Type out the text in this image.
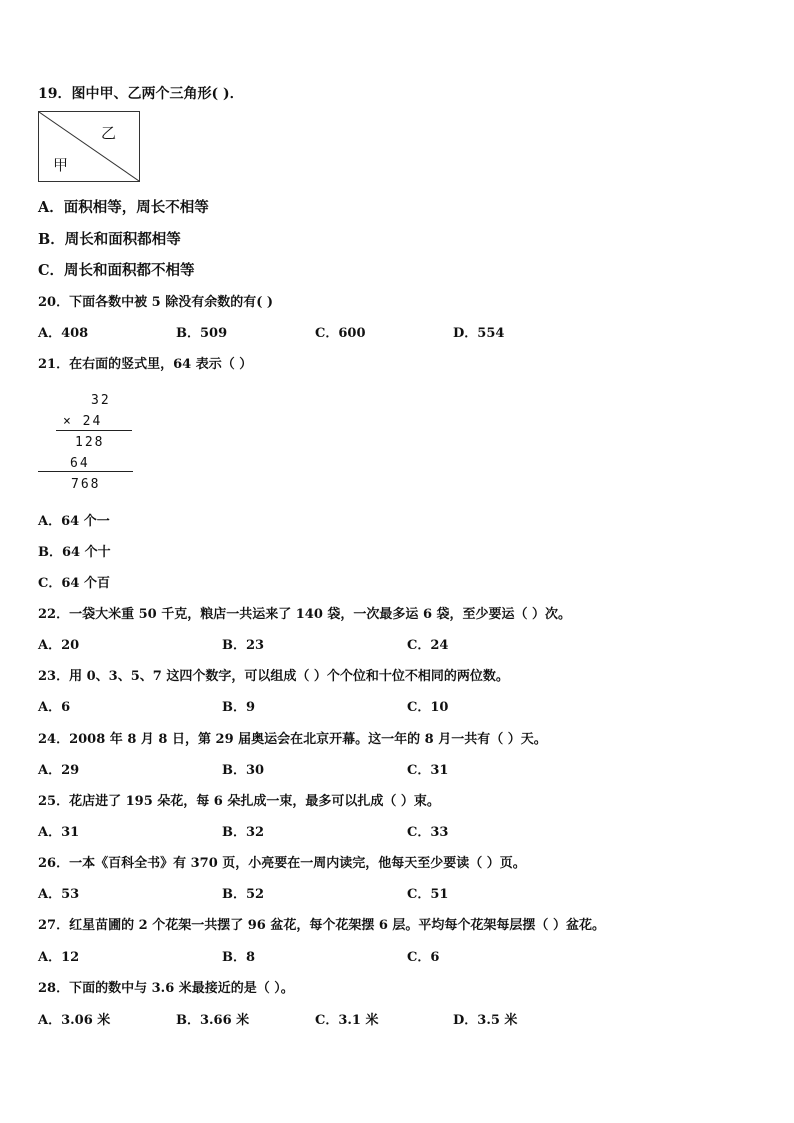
19．图中甲、乙两个三角形( )．
乙
甲
A．面积相等，周长不相等
B．周长和面积都相等
C．周长和面积都不相等
20．下面各数中被 5 除没有余数的有( )
A．408	B．509	C．600	D．554
21．在右面的竖式里，64 表示（ ）
32
× 24
128
64
768
A．64 个一
B．64 个十
C．64 个百
22．一袋大米重 50 千克，粮店一共运来了 140 袋，一次最多运 6 袋，至少要运（ ）次。
A．20	B．23	C．24
23．用 0、3、5、7 这四个数字，可以组成（ ）个个位和十位不相同的两位数。
A．6	B．9	C．10
24．2008 年 8 月 8 日，第 29 届奥运会在北京开幕。这一年的 8 月一共有（ ）天。
A．29	B．30	C．31
25．花店进了 195 朵花，每 6 朵扎成一束，最多可以扎成（ ）束。
A．31	B．32	C．33
26．一本《百科全书》有 370 页，小亮要在一周内读完，他每天至少要读（ ）页。
A．53	B．52	C．51
27．红星苗圃的 2 个花架一共摆了 96 盆花，每个花架摆 6 层。平均每个花架每层摆（ ）盆花。
A．12	B．8	C．6
28．下面的数中与 3.6 米最接近的是（ ）。
A．3.06 米	B．3.66 米	C．3.1 米	D．3.5 米
